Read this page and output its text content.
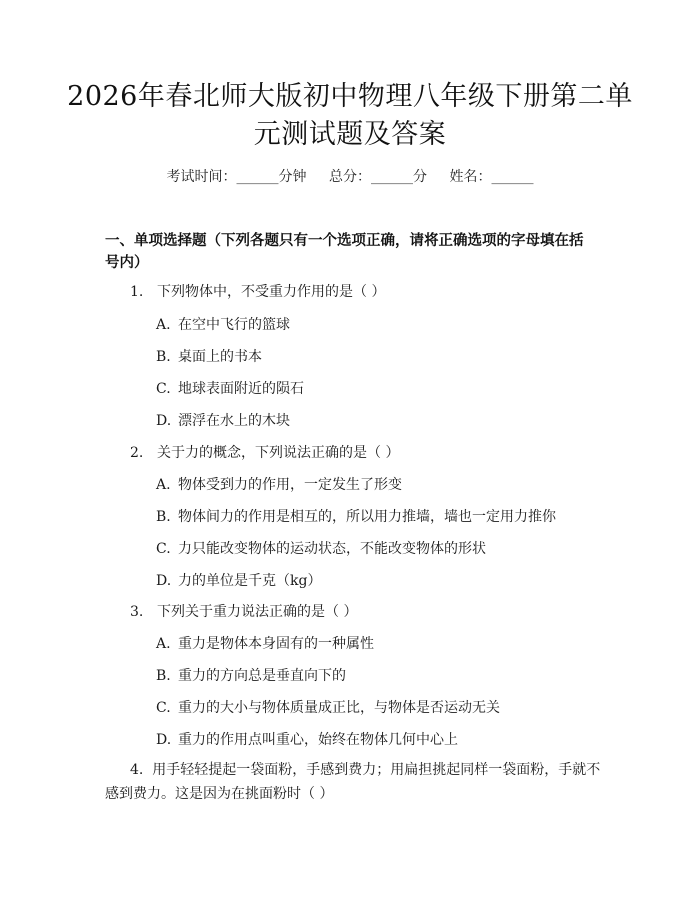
2026年春北师大版初中物理八年级下册第二单元测试题及答案
考试时间：______分钟 总分：______分 姓名：______
一、单项选择题（下列各题只有一个选项正确，请将正确选项的字母填在括号内）
1. 下列物体中，不受重力作用的是（ ）
A. 在空中飞行的篮球
B. 桌面上的书本
C. 地球表面附近的陨石
D. 漂浮在水上的木块
2. 关于力的概念，下列说法正确的是（ ）
A. 物体受到力的作用，一定发生了形变
B. 物体间力的作用是相互的，所以用力推墙，墙也一定用力推你
C. 力只能改变物体的运动状态，不能改变物体的形状
D. 力的单位是千克（kg）
3. 下列关于重力说法正确的是（ ）
A. 重力是物体本身固有的一种属性
B. 重力的方向总是垂直向下的
C. 重力的大小与物体质量成正比，与物体是否运动无关
D. 重力的作用点叫重心，始终在物体几何中心上
4. 用手轻轻提起一袋面粉，手感到费力；用扁担挑起同样一袋面粉，手就不感到费力。这是因为在挑面粉时（ ）
